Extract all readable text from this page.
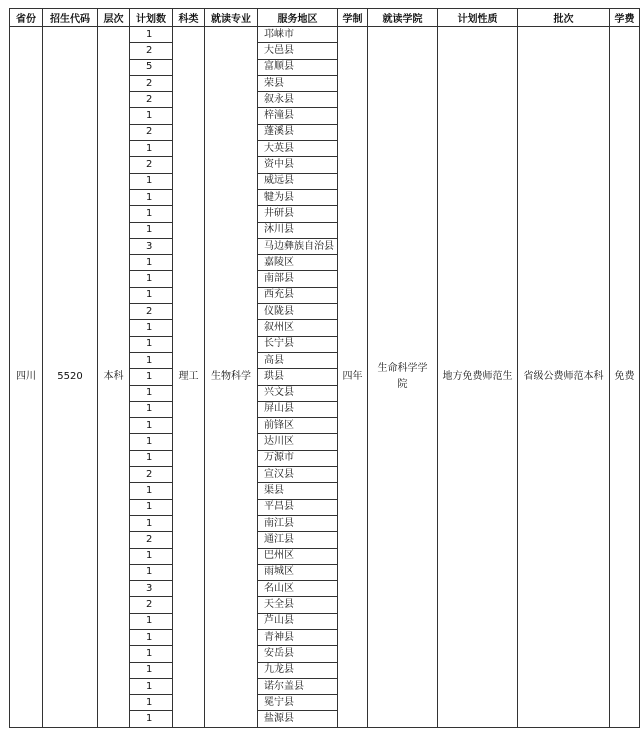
省份	招生代码	层次	计划数	科类	就读专业	服务地区	学制	就读学院	计划性质	批次	学费
四川	5520	本科	1	理工	生物科学	邛崃市	四年	生命科学学院	地方免费师范生	省级公费师范本科	免费
			2			大邑县					
			5			富顺县					
			2			荣县					
			2			叙永县					
			1			梓潼县					
			2			蓬溪县					
			1			大英县					
			2			资中县					
			1			威远县					
			1			犍为县					
			1			井研县					
			1			沐川县					
			3			马边彝族自治县					
			1			嘉陵区					
			1			南部县					
			1			西充县					
			2			仪陇县					
			1			叙州区					
			1			长宁县					
			1			高县					
			1			珙县					
			1			兴文县					
			1			屏山县					
			1			前锋区					
			1			达川区					
			1			万源市					
			2			宣汉县					
			1			渠县					
			1			平昌县					
			1			南江县					
			2			通江县					
			1			巴州区					
			1			雨城区					
			3			名山区					
			2			天全县					
			1			芦山县					
			1			青神县					
			1			安岳县					
			1			九龙县					
			1			诺尔盖县					
			1			冕宁县					
			1			盐源县					
